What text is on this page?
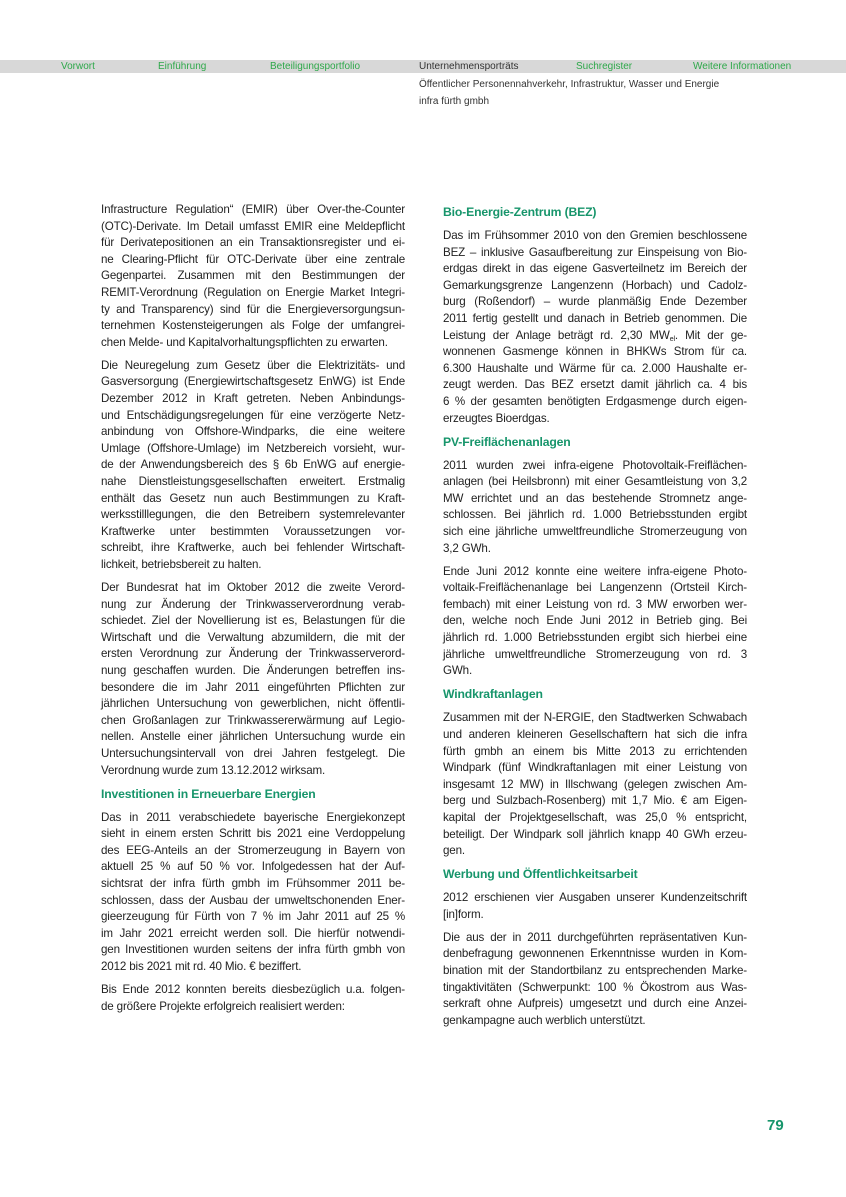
Vorwort	Einführung	Beteiligungsportfolio	Unternehmensporträts	Suchregister	Weitere Informationen
Öffentlicher Personennahverkehr, Infrastruktur, Wasser und Energie
infra fürth gmbh
Infrastructure Regulation“ (EMIR) über Over-the-Counter
(OTC)-Derivate. Im Detail umfasst EMIR eine Meldepflicht
für Derivatepositionen an ein Transaktionsregister und ei-
ne Clearing-Pflicht für OTC-Derivate über eine zentrale
Gegenpartei. Zusammen mit den Bestimmungen der
REMIT-Verordnung (Regulation on Energie Market Integri-
ty and Transparency) sind für die Energieversorgungsun-
ternehmen Kostensteigerungen als Folge der umfangrei-
chen Melde- und Kapitalvorhaltungspflichten zu erwarten.
Die Neuregelung zum Gesetz über die Elektrizitäts- und
Gasversorgung (Energiewirtschaftsgesetz EnWG) ist Ende
Dezember 2012 in Kraft getreten. Neben Anbindungs-
und Entschädigungsregelungen für eine verzögerte Netz-
anbindung von Offshore-Windparks, die eine weitere
Umlage (Offshore-Umlage) im Netzbereich vorsieht, wur-
de der Anwendungsbereich des § 6b EnWG auf energie-
nahe Dienstleistungsgesellschaften erweitert. Erstmalig
enthält das Gesetz nun auch Bestimmungen zu Kraft-
werksstilllegungen, die den Betreibern systemrelevanter
Kraftwerke unter bestimmten Voraussetzungen vor-
schreibt, ihre Kraftwerke, auch bei fehlender Wirtschaft-
lichkeit, betriebsbereit zu halten.
Der Bundesrat hat im Oktober 2012 die zweite Verord-
nung zur Änderung der Trinkwasserverordnung verab-
schiedet. Ziel der Novellierung ist es, Belastungen für die
Wirtschaft und die Verwaltung abzumildern, die mit der
ersten Verordnung zur Änderung der Trinkwasserverord-
nung geschaffen wurden. Die Änderungen betreffen ins-
besondere die im Jahr 2011 eingeführten Pflichten zur
jährlichen Untersuchung von gewerblichen, nicht öffentli-
chen Großanlagen zur Trinkwassererwärmung auf Legio-
nellen. Anstelle einer jährlichen Untersuchung wurde ein
Untersuchungsintervall von drei Jahren festgelegt. Die
Verordnung wurde zum 13.12.2012 wirksam.
Investitionen in Erneuerbare Energien
Das in 2011 verabschiedete bayerische Energiekonzept
sieht in einem ersten Schritt bis 2021 eine Verdoppelung
des EEG-Anteils an der Stromerzeugung in Bayern von
aktuell 25 % auf 50 % vor. Infolgedessen hat der Auf-
sichtsrat der infra fürth gmbh im Frühsommer 2011 be-
schlossen, dass der Ausbau der umweltschonenden Ener-
gieerzeugung für Fürth von 7 % im Jahr 2011 auf 25 %
im Jahr 2021 erreicht werden soll. Die hierfür notwendi-
gen Investitionen wurden seitens der infra fürth gmbh von
2012 bis 2021 mit rd. 40 Mio. € beziffert.
Bis Ende 2012 konnten bereits diesbezüglich u.a. folgen-
de größere Projekte erfolgreich realisiert werden:
Bio-Energie-Zentrum (BEZ)
Das im Frühsommer 2010 von den Gremien beschlossene
BEZ – inklusive Gasaufbereitung zur Einspeisung von Bio-
erdgas direkt in das eigene Gasverteilnetz im Bereich der
Gemarkungsgrenze Langenzenn (Horbach) und Cadolz-
burg (Roßendorf) – wurde planmäßig Ende Dezember
2011 fertig gestellt und danach in Betrieb genommen. Die
Leistung der Anlage beträgt rd. 2,30 $MW_{el}$. Mit der ge-
wonnenen Gasmenge können in BHKWs Strom für ca.
6.300 Haushalte und Wärme für ca. 2.000 Haushalte er-
zeugt werden. Das BEZ ersetzt damit jährlich ca. 4 bis
6 % der gesamten benötigten Erdgasmenge durch eigen-
erzeugtes Bioerdgas.
PV-Freiflächenanlagen
2011 wurden zwei infra-eigene Photovoltaik-Freiflächen-
anlagen (bei Heilsbronn) mit einer Gesamtleistung von 3,2
MW errichtet und an das bestehende Stromnetz ange-
schlossen. Bei jährlich rd. 1.000 Betriebsstunden ergibt
sich eine jährliche umweltfreundliche Stromerzeugung von
3,2 GWh.
Ende Juni 2012 konnte eine weitere infra-eigene Photo-
voltaik-Freiflächenanlage bei Langenzenn (Ortsteil Kirch-
fembach) mit einer Leistung von rd. 3 MW erworben wer-
den, welche noch Ende Juni 2012 in Betrieb ging. Bei
jährlich rd. 1.000 Betriebsstunden ergibt sich hierbei eine
jährliche umweltfreundliche Stromerzeugung von rd. 3
GWh.
Windkraftanlagen
Zusammen mit der N-ERGIE, den Stadtwerken Schwabach
und anderen kleineren Gesellschaftern hat sich die infra
fürth gmbh an einem bis Mitte 2013 zu errichtenden
Windpark (fünf Windkraftanlagen mit einer Leistung von
insgesamt 12 MW) in Illschwang (gelegen zwischen Am-
berg und Sulzbach-Rosenberg) mit 1,7 Mio. € am Eigen-
kapital der Projektgesellschaft, was 25,0 % entspricht,
beteiligt. Der Windpark soll jährlich knapp 40 GWh erzeu-
gen.
Werbung und Öffentlichkeitsarbeit
2012 erschienen vier Ausgaben unserer Kundenzeitschrift
[in]form.
Die aus der in 2011 durchgeführten repräsentativen Kun-
denbefragung gewonnenen Erkenntnisse wurden in Kom-
bination mit der Standortbilanz zu entsprechenden Marke-
tingaktivitäten (Schwerpunkt: 100 % Ökostrom aus Was-
serkraft ohne Aufpreis) umgesetzt und durch eine Anzei-
genkampagne auch werblich unterstützt.
79
